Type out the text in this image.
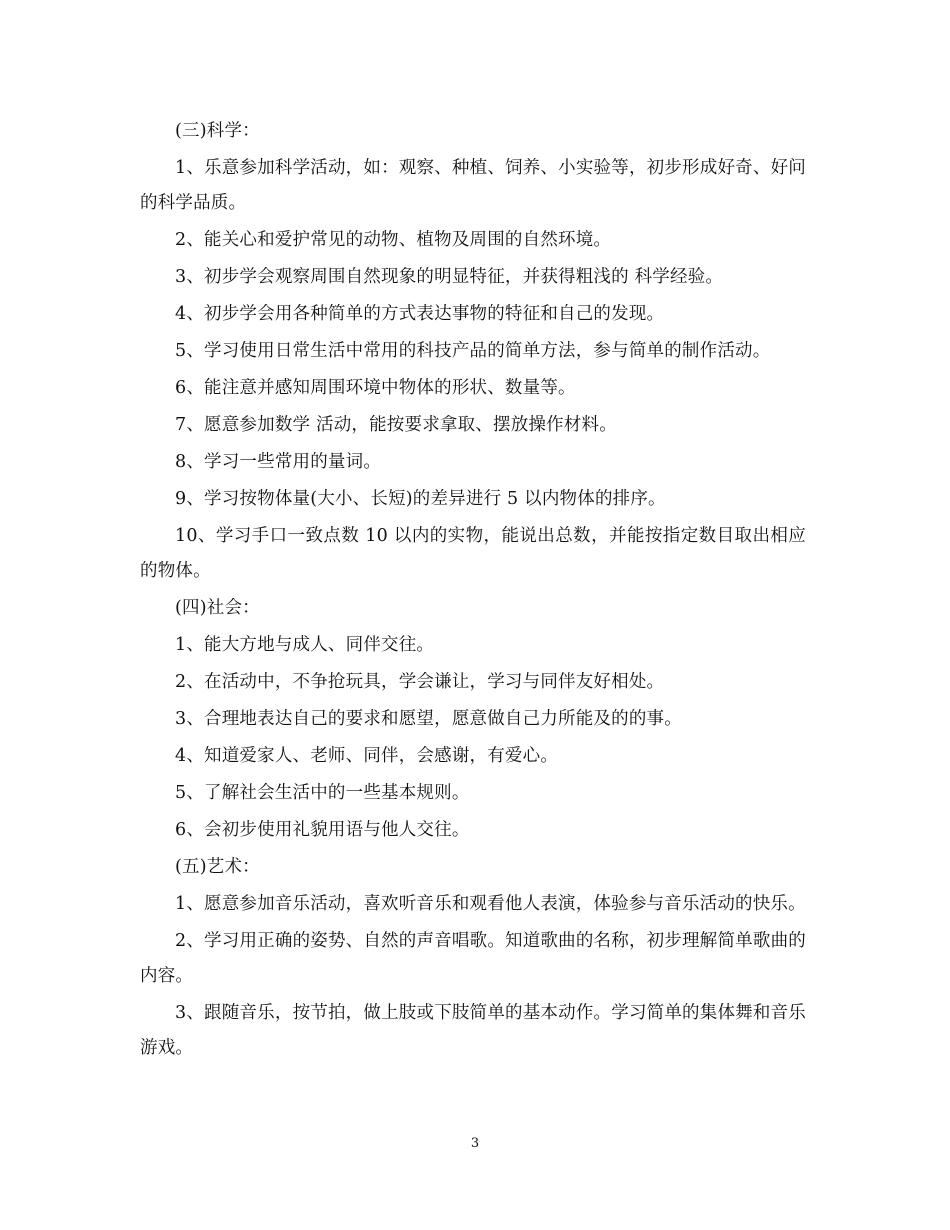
(三)科学：

1、乐意参加科学活动，如：观察、种植、饲养、小实验等，初步形成好奇、好问的科学品质。

2、能关心和爱护常见的动物、植物及周围的自然环境。

3、初步学会观察周围自然现象的明显特征，并获得粗浅的 科学经验。

4、初步学会用各种简单的方式表达事物的特征和自己的发现。

5、学习使用日常生活中常用的科技产品的简单方法，参与简单的制作活动。

6、能注意并感知周围环境中物体的形状、数量等。

7、愿意参加数学 活动，能按要求拿取、摆放操作材料。

8、学习一些常用的量词。

9、学习按物体量(大小、长短)的差异进行 5 以内物体的排序。

10、学习手口一致点数 10 以内的实物，能说出总数，并能按指定数目取出相应的物体。

(四)社会：

1、能大方地与成人、同伴交往。

2、在活动中，不争抢玩具，学会谦让，学习与同伴友好相处。

3、合理地表达自己的要求和愿望，愿意做自己力所能及的的事。

4、知道爱家人、老师、同伴，会感谢，有爱心。

5、了解社会生活中的一些基本规则。

6、会初步使用礼貌用语与他人交往。

(五)艺术：

1、愿意参加音乐活动，喜欢听音乐和观看他人表演，体验参与音乐活动的快乐。

2、学习用正确的姿势、自然的声音唱歌。知道歌曲的名称，初步理解简单歌曲的内容。

3、跟随音乐，按节拍，做上肢或下肢简单的基本动作。学习简单的集体舞和音乐游戏。

3
